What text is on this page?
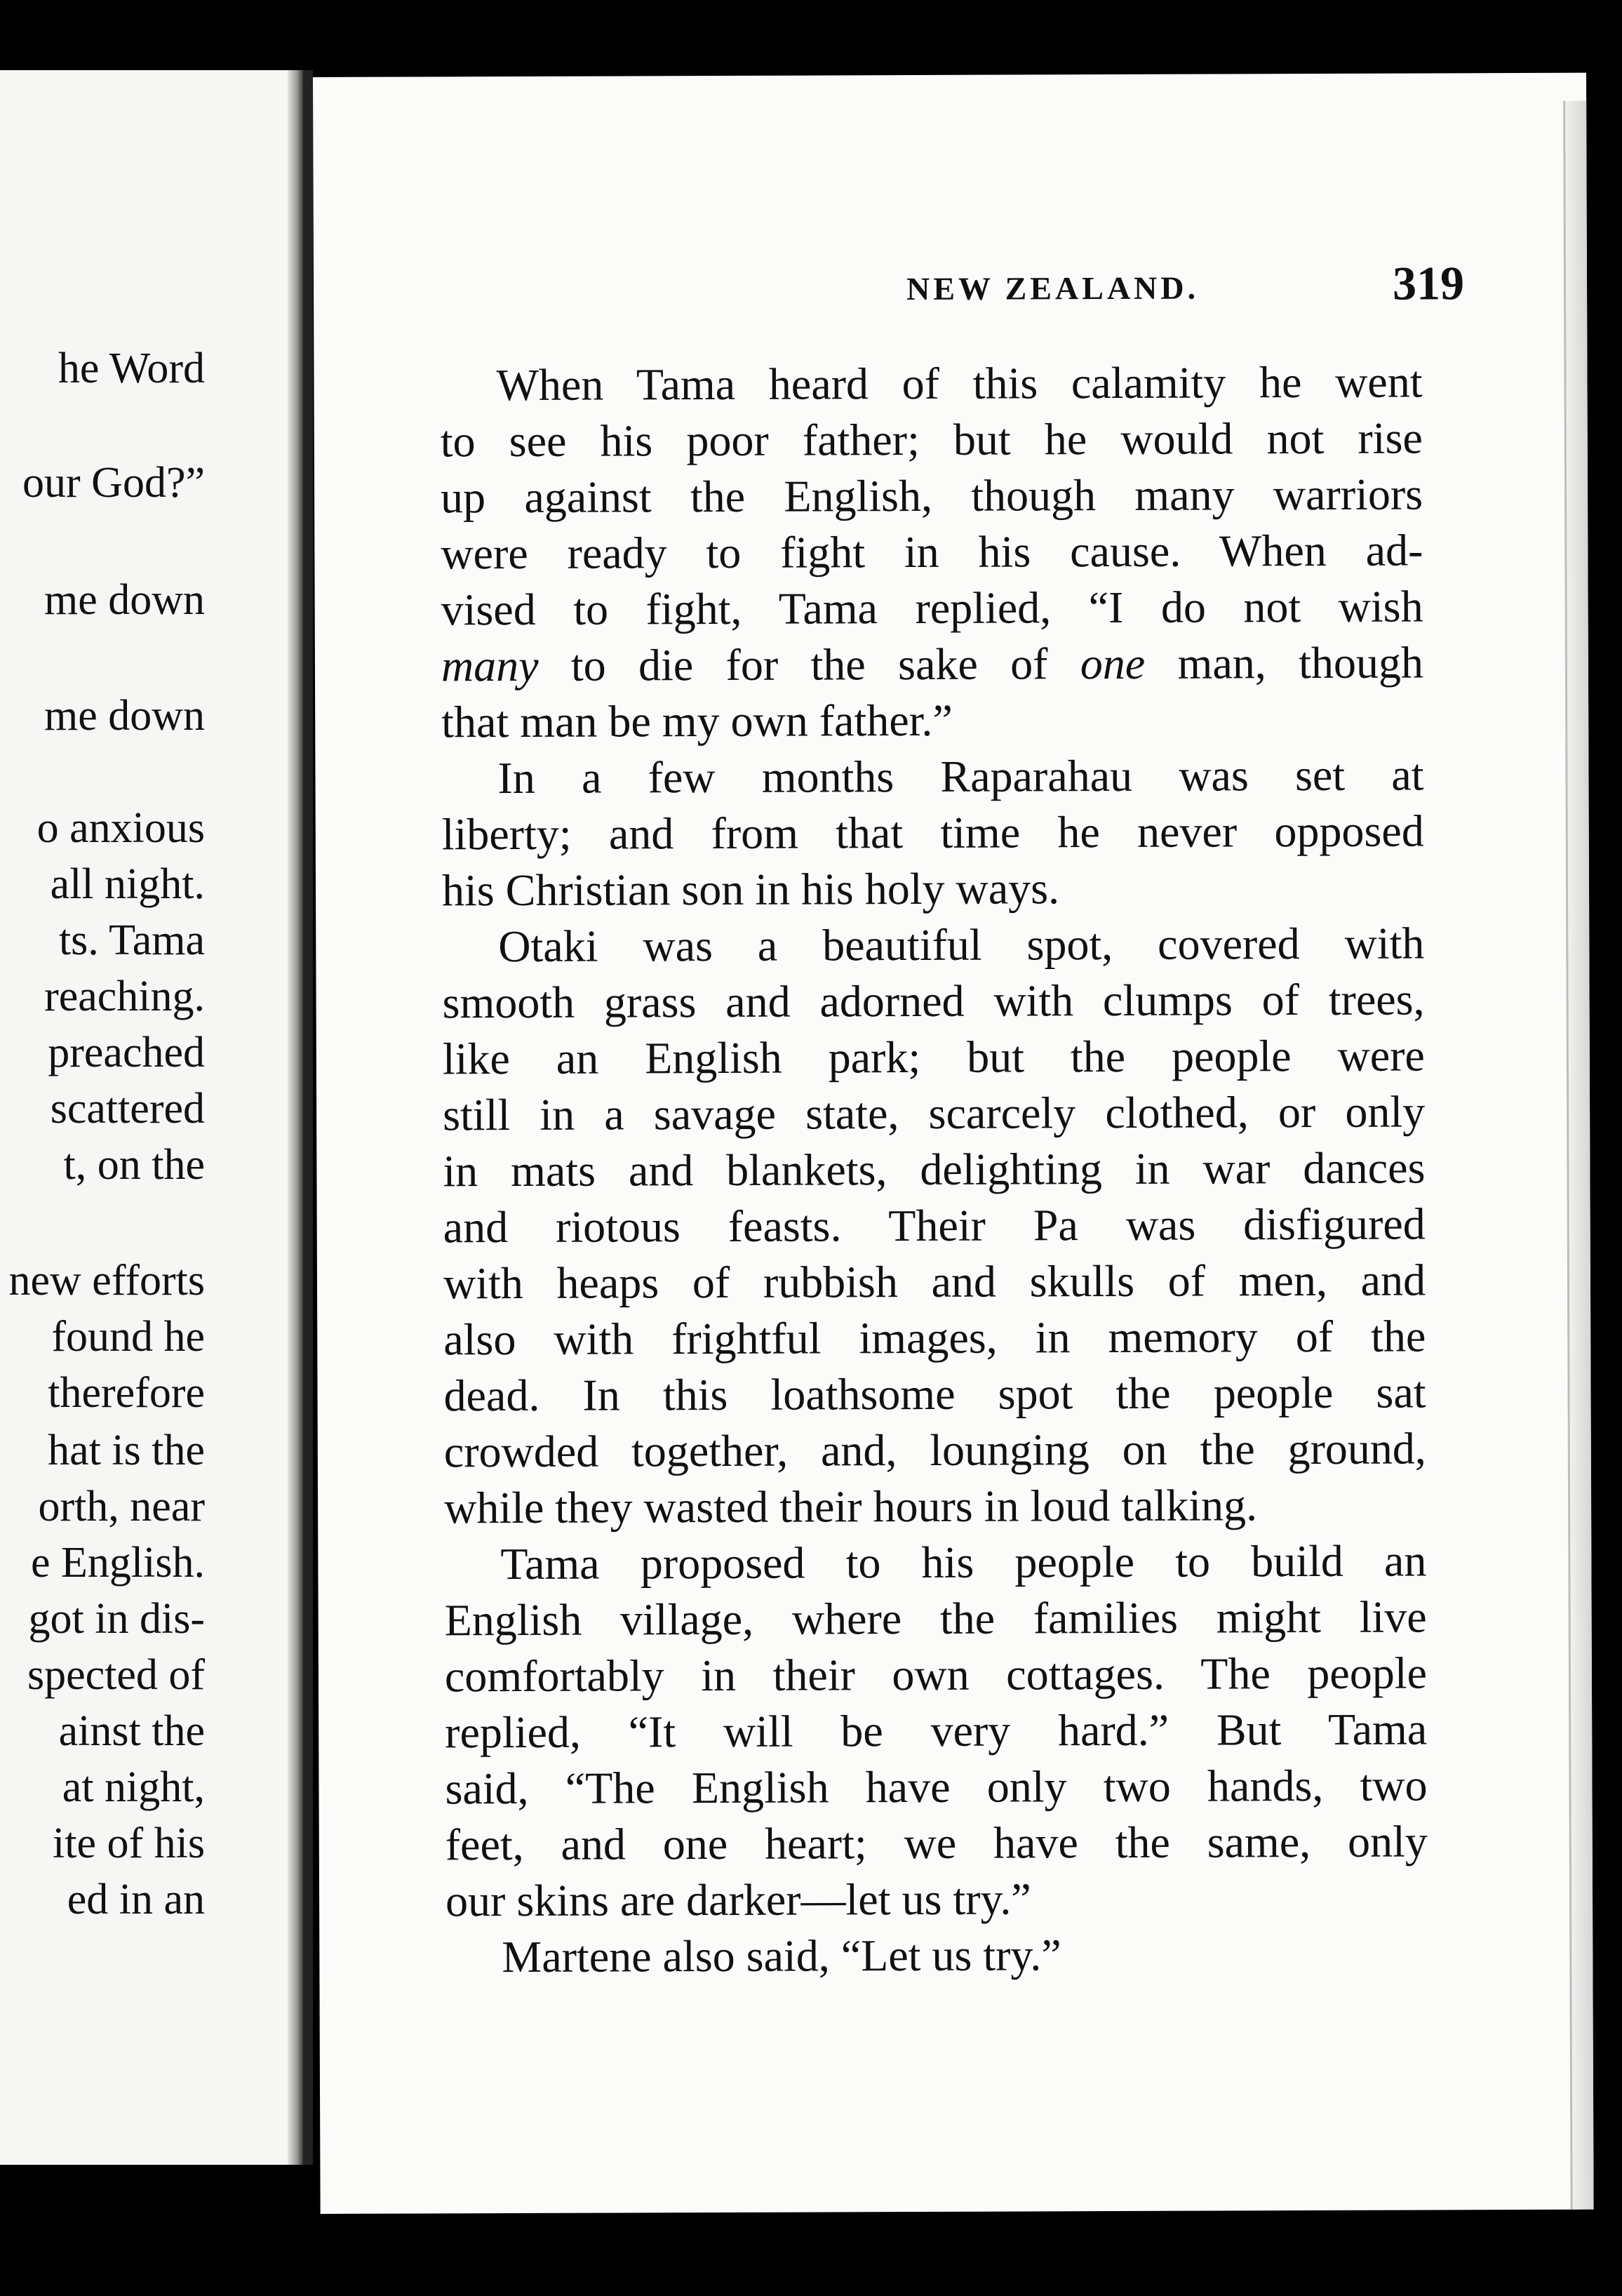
he Word
our God?”
me down
me down
o anxious
all night.
ts. Tama
reaching.
preached
scattered
t, on the
new efforts
found he
therefore
hat is the
orth, near
e English.
got in dis-
spected of
ainst the
at night,
ite of his
ed in an
NEW ZEALAND.	319

When Tama heard of this calamity he went
to see his poor father; but he would not rise
up against the English, though many warriors
were ready to fight in his cause. When ad-
vised to fight, Tama replied, “I do not wish
many to die for the sake of one man, though
that man be my own father.”

In a few months Raparahau was set at
liberty; and from that time he never opposed
his Christian son in his holy ways.

Otaki was a beautiful spot, covered with
smooth grass and adorned with clumps of trees,
like an English park; but the people were
still in a savage state, scarcely clothed, or only
in mats and blankets, delighting in war dances
and riotous feasts. Their Pa was disfigured
with heaps of rubbish and skulls of men, and
also with frightful images, in memory of the
dead. In this loathsome spot the people sat
crowded together, and, lounging on the ground,
while they wasted their hours in loud talking.

Tama proposed to his people to build an
English village, where the families might live
comfortably in their own cottages. The people
replied, “It will be very hard.” But Tama
said, “The English have only two hands, two
feet, and one heart; we have the same, only
our skins are darker—let us try.”

Martene also said, “Let us try.”
